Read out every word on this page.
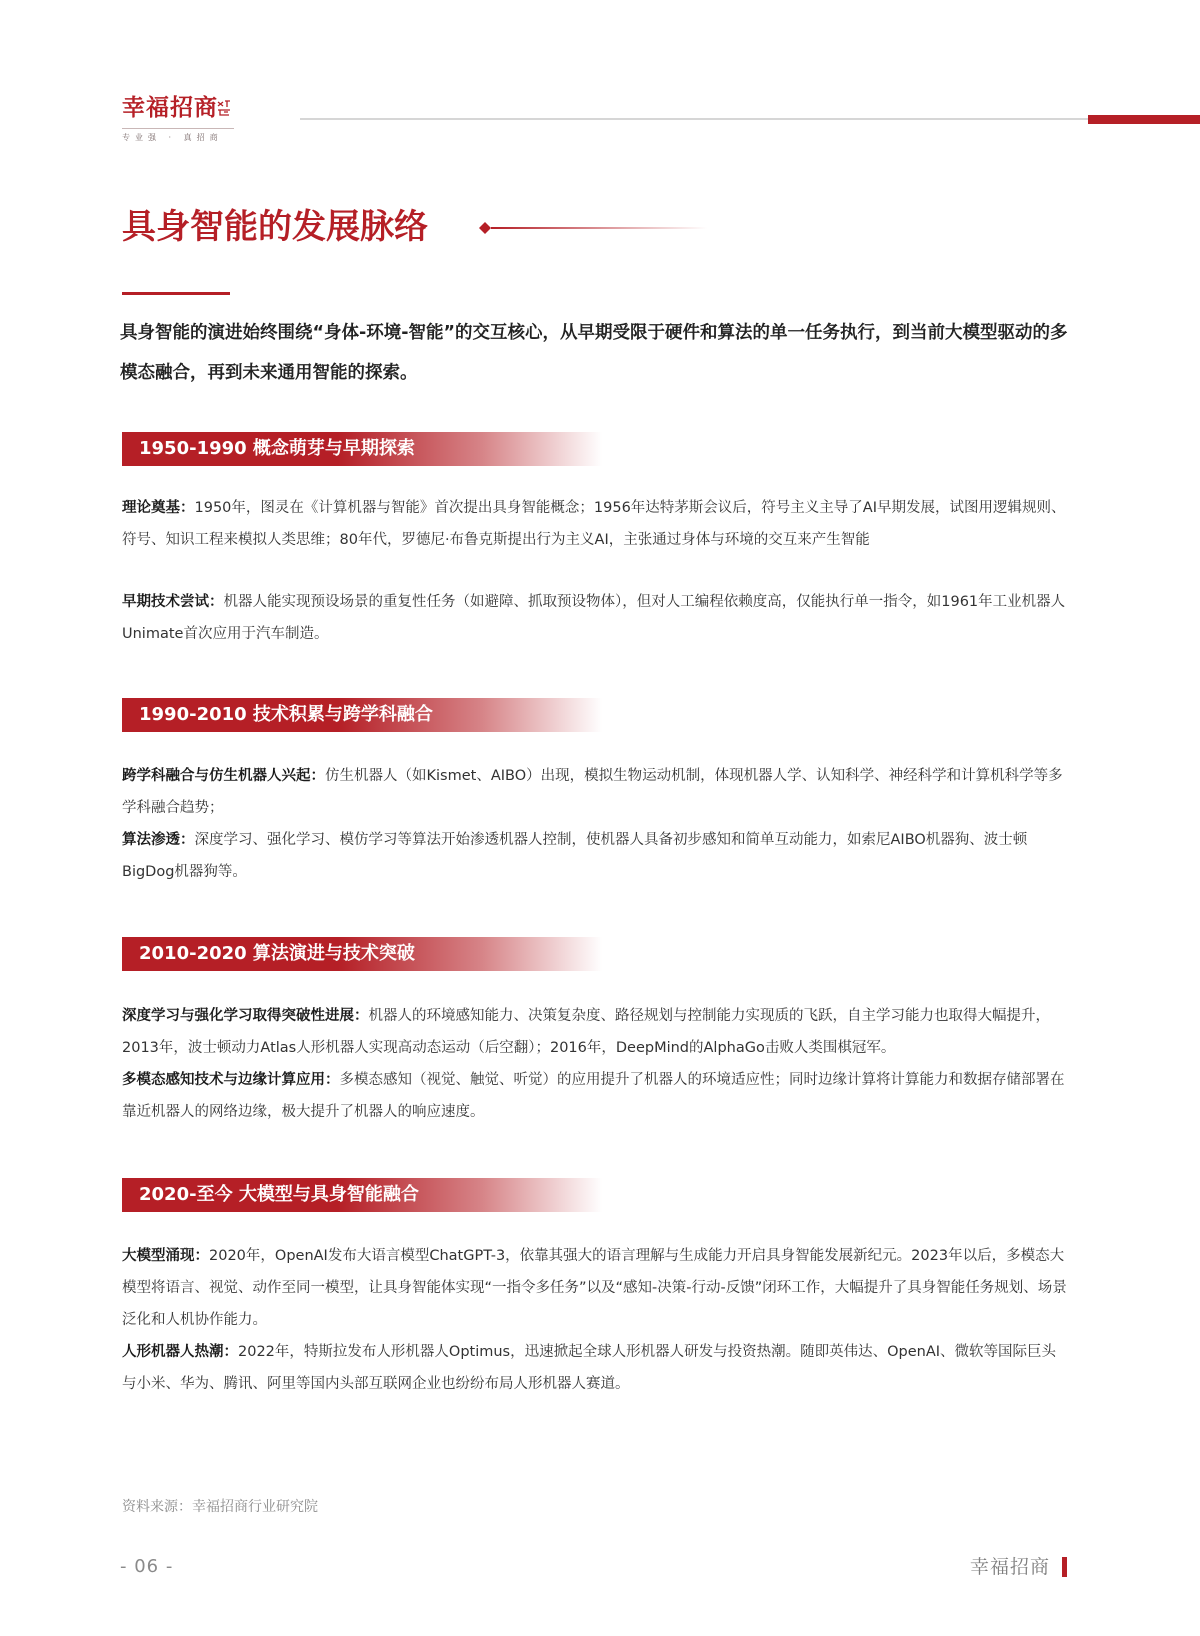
幸福招商
专业强 · 真招商
具身智能的发展脉络
具身智能的演进始终围绕“身体-环境-智能”的交互核心，从早期受限于硬件和算法的单一任务执行，到当前大模型驱动的多模态融合，再到未来通用智能的探索。
1950-1990 概念萌芽与早期探索
理论奠基：1950年，图灵在《计算机器与智能》首次提出具身智能概念；1956年达特茅斯会议后，符号主义主导了AI早期发展，试图用逻辑规则、符号、知识工程来模拟人类思维；80年代，罗德尼·布鲁克斯提出行为主义AI，主张通过身体与环境的交互来产生智能
早期技术尝试：机器人能实现预设场景的重复性任务（如避障、抓取预设物体），但对人工编程依赖度高，仅能执行单一指令，如1961年工业机器人Unimate首次应用于汽车制造。
1990-2010 技术积累与跨学科融合
跨学科融合与仿生机器人兴起：仿生机器人（如Kismet、AIBO）出现，模拟生物运动机制，体现机器人学、认知科学、神经科学和计算机科学等多学科融合趋势；
算法渗透：深度学习、强化学习、模仿学习等算法开始渗透机器人控制，使机器人具备初步感知和简单互动能力，如索尼AIBO机器狗、波士顿BigDog机器狗等。
2010-2020 算法演进与技术突破
深度学习与强化学习取得突破性进展：机器人的环境感知能力、决策复杂度、路径规划与控制能力实现质的飞跃，自主学习能力也取得大幅提升，2013年，波士顿动力Atlas人形机器人实现高动态运动（后空翻）；2016年，DeepMind的AlphaGo击败人类围棋冠军。
多模态感知技术与边缘计算应用：多模态感知（视觉、触觉、听觉）的应用提升了机器人的环境适应性；同时边缘计算将计算能力和数据存储部署在靠近机器人的网络边缘，极大提升了机器人的响应速度。
2020-至今 大模型与具身智能融合
大模型涌现：2020年，OpenAI发布大语言模型ChatGPT-3，依靠其强大的语言理解与生成能力开启具身智能发展新纪元。2023年以后，多模态大模型将语言、视觉、动作至同一模型，让具身智能体实现“一指令多任务”以及“感知-决策-行动-反馈”闭环工作，大幅提升了具身智能任务规划、场景泛化和人机协作能力。
人形机器人热潮：2022年，特斯拉发布人形机器人Optimus，迅速掀起全球人形机器人研发与投资热潮。随即英伟达、OpenAI、微软等国际巨头与小米、华为、腾讯、阿里等国内头部互联网企业也纷纷布局人形机器人赛道。
资料来源：幸福招商行业研究院
- 06 -	幸福招商
